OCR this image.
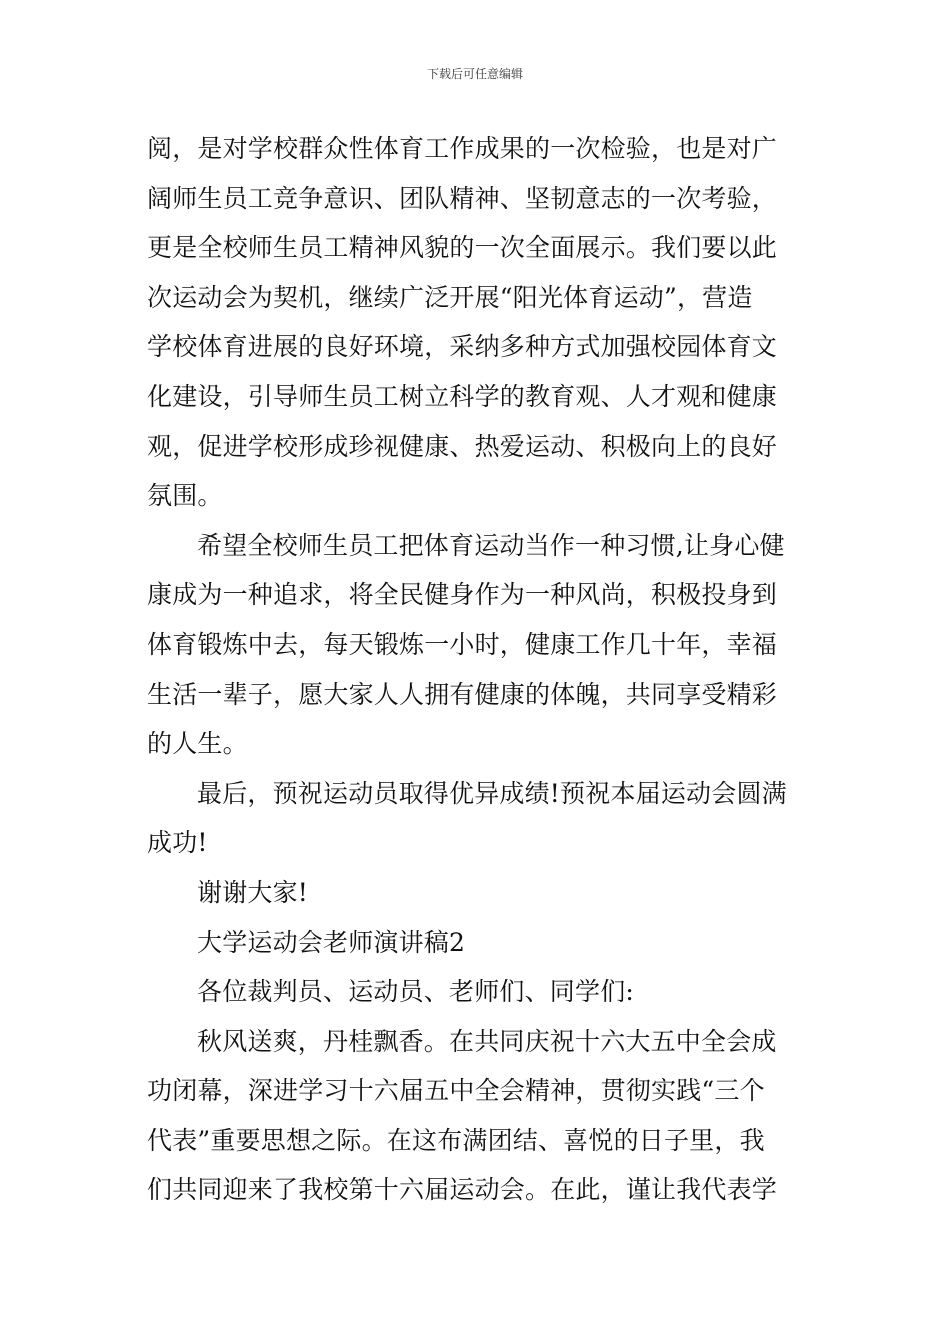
下载后可任意编辑
阅，是对学校群众性体育工作成果的一次检验，也是对广
阔师生员工竞争意识、团队精神、坚韧意志的一次考验，
更是全校师生员工精神风貌的一次全面展示。我们要以此
次运动会为契机，继续广泛开展“阳光体育运动”，营造
学校体育进展的良好环境，采纳多种方式加强校园体育文
化建设，引导师生员工树立科学的教育观、人才观和健康
观，促进学校形成珍视健康、热爱运动、积极向上的良好
氛围。
希望全校师生员工把体育运动当作一种习惯,让身心健
康成为一种追求，将全民健身作为一种风尚，积极投身到
体育锻炼中去，每天锻炼一小时，健康工作几十年，幸福
生活一辈子，愿大家人人拥有健康的体魄，共同享受精彩
的人生。
最后，预祝运动员取得优异成绩!预祝本届运动会圆满
成功!
谢谢大家!
大学运动会老师演讲稿2
各位裁判员、运动员、老师们、同学们:
秋风送爽，丹桂飘香。在共同庆祝十六大五中全会成
功闭幕，深进学习十六届五中全会精神，贯彻实践“三个
代表”重要思想之际。在这布满团结、喜悦的日子里，我
们共同迎来了我校第十六届运动会。在此，谨让我代表学
